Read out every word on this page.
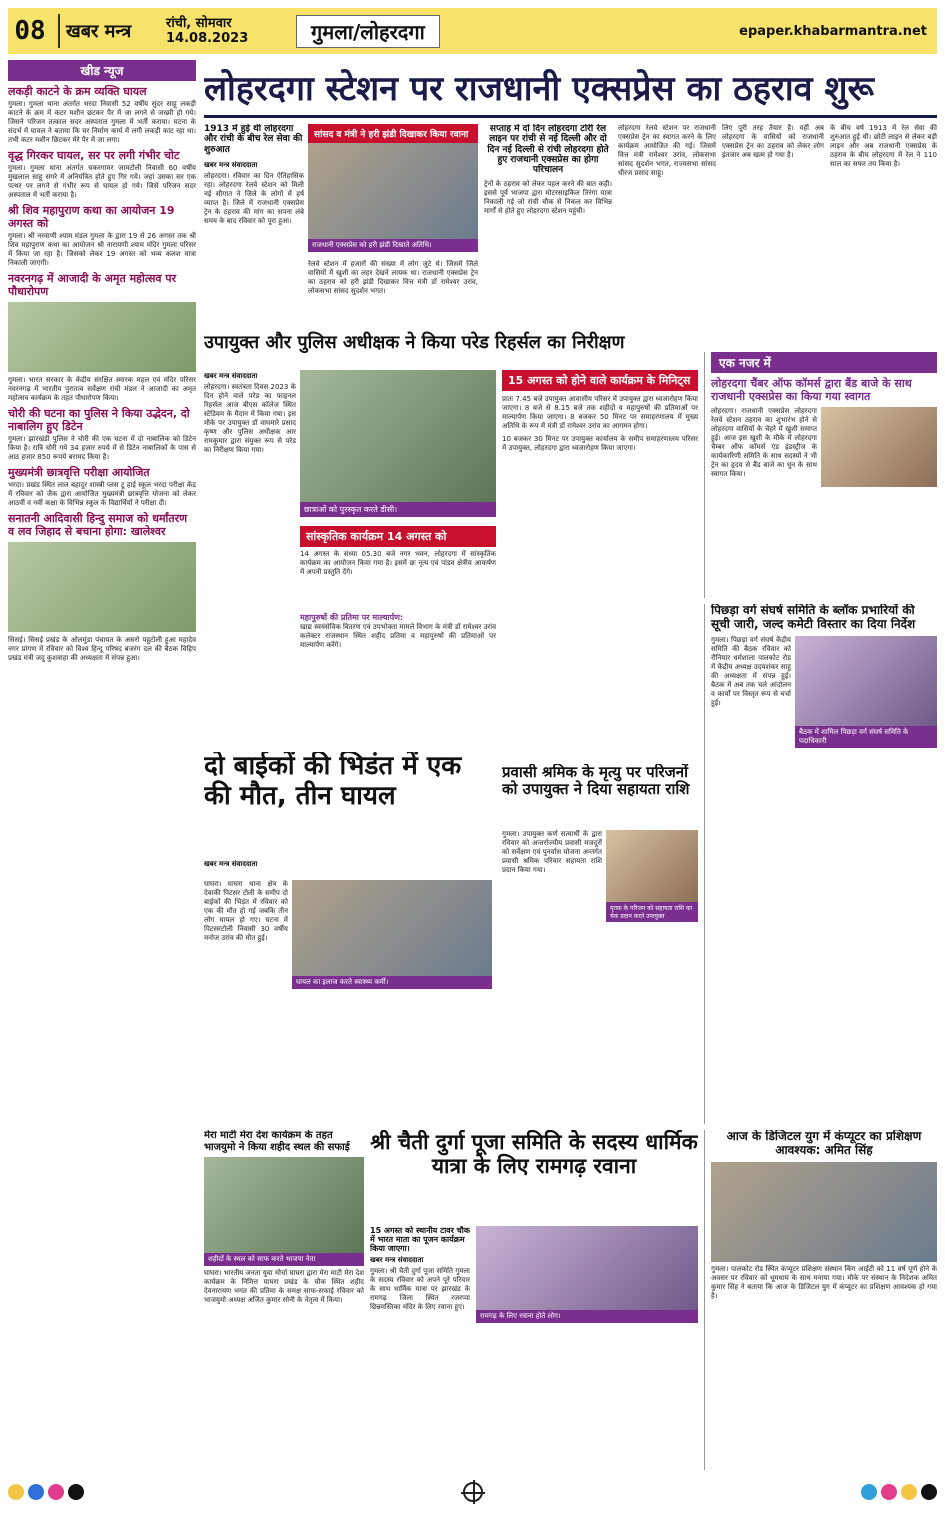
08	खबर मन्त्र	रांची, सोमवार
14.08.2023	गुमला/लोहरदगा	epaper.khabarmantra.net
खीड न्यूज
लकड़ी काटने के क्रम व्यक्ति घायल

गुमला। गुमला थाना अंतर्गत भरदा निवासी 52 वर्षीय सुंदर साहू लकड़ी काटने के क्रम में कटर मशीन छटकर पैर में जा लगने से जख्मी हो गये। जिसने परिजन तत्काल सदर अस्पताल गुमला में भर्ती कराया। घटना के संदर्भ में घायल ने बताया कि घर निर्माण कार्य में लगी लकड़ी काट रहा था। तभी कटर मशीन छिटकर मेरे पैर में जा लगा।

वृद्ध गिरकर घायल, सर पर लगी गंभीर चोट

गुमला। गुमला थाना अंतर्गत चकरगामर जामटोली निवासी 60 वर्षीय मुखलाल साहू सगरे में अनियंत्रित होते हुए गिर गये। जहां उसका सर एक पत्थर पर लगने से गंभीर रूप से घायल हो गये। जिसे परिजन सदर अस्पताल में भर्ती कराया है।

श्री शिव महापुराण कथा का आयोजन 19 अगस्त को

गुमला। श्री नरवाणी श्याम मंडल गुमला के द्वारा 19 से 26 अगस्त तक श्री शिव महापुराण कथा का आयोजन श्री नारायणी श्याम मंदिर गुमला परिसर में किया जा रहा है। जिसको लेकर 19 अगस्त को भव्य कलश यात्रा निकाली जाएगी।

नवरनगढ़ में आजादी के अमृत महोत्सव पर पौधारोपण

गुमला। भारत सरकार के केंद्रीय संरक्षित स्मारक महल एवं मंदिर परिसर नवरनगढ़ में भारतीय पुरातत्व सर्वेक्षण रांची मंडल ने आजादी का अमृत महोत्सव कार्यक्रम के तहत पौधारोपण किया।

चोरी की घटना का पुलिस ने किया उद्भेदन, दो नाबालिग हुए डिटेन

गुमला। झारखंडी पुलिस ने चोरी की एक घटना में दो नाबालिक को डिटेन किया है। रात्रि चोरी गये 34 हजार रुपये में से डिटेन नाबालिकों के पास से आठ हजार 850 रूपये बरामद किया है।

मुख्यमंत्री छात्रवृत्ति परीक्षा आयोजित

भरदा। प्रखंड स्थित लाल बहादुर शास्त्री प्लस टू हाई स्कूल भरदा परीक्षा केंद्र में रविवार को जैक द्वारा आयोजित मुख्यमंत्री छात्रवृत्ति योजना को लेकर आठवीं व नवीं कक्षा के विभिन्न स्कूल के विद्यार्थियों ने परीक्षा दी।

सनातनी आदिवासी हिन्दु समाज को धर्मांतरण व लव जिहाद से बचाना होगा: खालेश्वर

सिसई। सिसई प्रखंड के ओलमुंडा पंचायत के असरो पहुटोली हुआ महादेव नगर प्रांगण में रविवार को विश्व हिन्दू परिषद बजरंग दल की बैठक विहिप प्रखंड मंत्री जदु कुशवाहा की अध्यक्षता में संपन्न हुआ।

लोहरदगा स्टेशन पर राजधानी एक्सप्रेस का ठहराव शुरू
1913 में हुई थी लोहरदगा और रांची के बीच रेल सेवा की शुरुआत
खबर मन्त्र संवाददाता
लोहरदगा। रविवार का दिन ऐतिहासिक रहा। लोहरदगा रेलवे स्टेशन को मिली नई सौगात ने जिले के लोगों में हर्ष व्याप्त है। जिले में राजधानी एक्सप्रेस ट्रेन के ठहराव की मांग का सपना लंबे समय के बाद रविवार को पूरा हुआ।
सांसद व मंत्री ने हरी झंडी दिखाकर किया रवाना
राजधानी एक्सप्रेस को हरी झंडी दिखाते अतिथि।
रेलवे स्टेशन में हजारों की संख्या में लोग जुटे थे। जिसमें जिले वासियों में खुशी का लहर देखने लायक था। राजधानी एक्सप्रेस ट्रेन का ठहराव को हरी झंडी दिखाकर वित्त मंत्री डॉ रामेश्वर उरांव, लोकसभा सांसद सुदर्शन भगत।
सप्ताह में दो दिन लोहरदगा टोरी रेल लाइन पर रांची से नई दिल्ली और दो दिन नई दिल्ली से रांची लोहरदगा होते हुए राजधानी एक्सप्रेस का होगा परिचालन
ट्रेनों के ठहराव को लेकर पहल करने की बात कही। इससे पूर्व भाजपा द्वारा मोटरसाइकिल तिरंगा यात्रा निकाली गई जो रांची चौक से निकल कर विभिन्न मार्गों से होते हुए लोहरदगा स्टेशन पहुंची।
लोहरदगा रेलवे स्टेशन पर राजधानी एक्सप्रेस ट्रेन का स्वागत करने के लिए कार्यक्रम आयोजित की गई। जिसमें वित्त मंत्री रामेश्वर उरांव, लोकसभा सांसद सुदर्शन भगत, राज्यसभा सांसद धीरज प्रसाद साहू।
लिए पूरी तरह तैयार है। वहीं अब लोहरदगा के वासियों को राजधानी एक्सप्रेस ट्रेन का ठहराव को लेकर लोग इंतजार अब खत्म हो गया है।
के बीच वर्ष 1913 में रेल सेवा की शुरुआत हुई थी। छोटी लाइन से लेकर बड़ी लाइन और अब राजधानी एक्सप्रेस के ठहराव के बीच लोहरदगा में रेल ने 110 साल का सफर तय किया है।
एक नजर में
लोहरदगा चैंबर ऑफ कॉमर्स द्वारा बैंड बाजे के साथ राजधानी एक्सप्रेस का किया गया स्वागत
लोहरदगा। राजधानी एक्सप्रेस लोहरदगा रेलवे स्टेशन ठहराव का शुभारंभ होने से लोहरदगा वासियों के चेहरे में खुशी समाप्त हुई। आज इस खुशी के मौके में लोहरदगा चैम्बर ऑफ कॉमर्स एंड इंडस्ट्रीज के कार्यकारिणी समिति के साथ सदस्यों ने भी ट्रेन का हृदय से बैंड बाजे का धुन के साथ स्वागत किया।
उपायुक्त और पुलिस अधीक्षक ने किया परेड रिहर्सल का निरीक्षण
खबर मन्त्र संवाददाता
लोहरदगा। स्वतंत्रता दिवस 2023 के दिन होने वाले परेड का फाइनल रिहर्सल आज बीएस कॉलेज स्थित स्टेडियम के मैदान में किया गया। इस मौके पर उपायुक्त डॉ वाघमारे प्रसाद कृष्ण और पुलिस अधीक्षक आर रामकुमार द्वारा संयुक्त रूप से परेड का निरीक्षण किया गया।
छात्राओं को पुरस्कृत करते डीसी।
15 अगस्त को होने वाले कार्यक्रम के मिनिट्स
प्रातः 7.45 बजे उपायुक्त आवासीय परिसर में उपायुक्त द्वारा ध्वजारोहण किया जाएगा। 8 बजे से 8.15 बजे तक शहीदों व महापुरुषों की प्रतिमाओं पर माल्यार्पण किया जाएगा। 8 बजकर 50 मिनट पर समाहरणालय में मुख्य अतिथि के रूप में मंत्री डॉ रामेश्वर उरांव का आगमन होगा।
10 बजकर 30 मिनट पर उपायुक्त कार्यालय के समीप समाहरणालय परिसर में उपायुक्त, लोहरदगा द्वारा ध्वजारोहण किया जाएगा।
सांस्कृतिक कार्यक्रम 14 अगस्त को
14 अगस्त के संध्या 05.30 बजे नगर भवन, लोहरदगा में सांस्कृतिक कार्यक्रम का आयोजन किया गया है। इसमें छः नृत्य एवं पांडव क्षेत्रीय आकर्षण में अपनी प्रस्तुति देंगे।
महापुरुषों की प्रतिमा पर माल्यार्पण:
खाद्य स्वयंसेविक वितरण एवं उपभोक्ता मामले विभाग के मंत्री डॉ रामेश्वर उरांव कलेक्टर राजस्थान स्थित शहीद प्रतिमा व महापुरुषों की प्रतिमाओं पर माल्यार्पण करेंगे।
पिछड़ा वर्ग संघर्ष समिति के ब्लॉक प्रभारियों की सूची जारी, जल्द कमेटी विस्तार का दिया निर्देश
गुमला। पिछड़ा वर्ग संघर्ष केंद्रीय समिति की बैठक रविवार को रौनियार धर्मशाला पालकोट रोड में केंद्रीय अध्यक्ष उदयशंकर साहु की अध्यक्षता में संपन्न हुई। बैठक में अब तक चले आंदोलन व कार्यों पर विस्तृत रूप से चर्चा हुई।
बैठक में शामिल पिछड़ा वर्ग संघर्ष समिति के पदाधिकारी
दो बाईकों की भिडंत में एक की मौत, तीन घायल
खबर मन्त्र संवाददाता
घाघरा। घाघरा थाना क्षेत्र के देवाकी पिटसर टोली के समीप दो बाईकों की भिड़ंत में रविवार को एक की मौत हो गई जबकि तीन लोग घायल हो गए। घटना में पिटसरटोली निवासी 30 वर्षीय मनोज उरांव की मौत हुई।
घायल का इलाज करते स्वास्थ्य कर्मी।
प्रवासी श्रमिक के मृत्यु पर परिजनों को उपायुक्त ने दिया सहायता राशि
गुमला। उपायुक्त कर्ण सत्यार्थी के द्वारा रविवार को अन्तर्राज्यीय प्रवासी मजदूरों को सर्वेक्षण एवं पुनर्वास योजना अन्तर्गत प्रवासी श्रमिक परिवार सहायता राशि प्रदान किया गया।
मृतक के परिजन को सहायता राशि का चेक प्रदान करते उपायुक्त
मेरा माटी मेरा देश कार्यक्रम के तहत भाजयुमो ने किया शहीद स्थल की सफाई
शहीदों के स्थल को साफ करते भाजपा नेता
घाघरा। भारतीय जनता युवा मोर्चा घाघरा द्वारा मेरा माटी मेरा देश कार्यक्रम के निमित्त घाघरा प्रखंड के चौक स्थित शहीद देवनारायण भगत की प्रतिमा के समक्ष साफ-सफाई रविवार को भाजयुमो अध्यक्ष अजित कुमार सोनी के नेतृत्व में किया।
श्री चैती दुर्गा पूजा समिति के सदस्य धार्मिक यात्रा के लिए रामगढ़ रवाना
15 अगस्त को स्थानीय टावर चौक में भारत माता का पूजन कार्यक्रम किया जाएगा।
खबर मन्त्र संवाददाता
गुमला। श्री चैती दुर्गा पूजा समिति गुमला के सदस्य रविवार को अपने पूरे परिवार के साथ धार्मिक यात्रा पर झारखंड के रामगढ़ जिला स्थित रजरप्पा छिन्नमस्तिका मंदिर के लिए रवाना हुए।
रामगढ़ के लिए रवाना होते लोग।
आज के डिजिटल युग में कंप्यूटर का प्रशिक्षण आवश्यक: अमित सिंह
गुमला। पालकोट रोड स्थित कंप्यूटर प्रशिक्षण संस्थान किंग आईटी को 11 वर्ष पूर्ण होने के अवसर पर रविवार को धूमधाम के साथ मनाया गया। मौके पर संस्थान के निदेशक अमित कुमार सिंह ने बताया कि आज के डिजिटल युग में कंप्यूटर का प्रशिक्षण आवश्यक हो गया है।
